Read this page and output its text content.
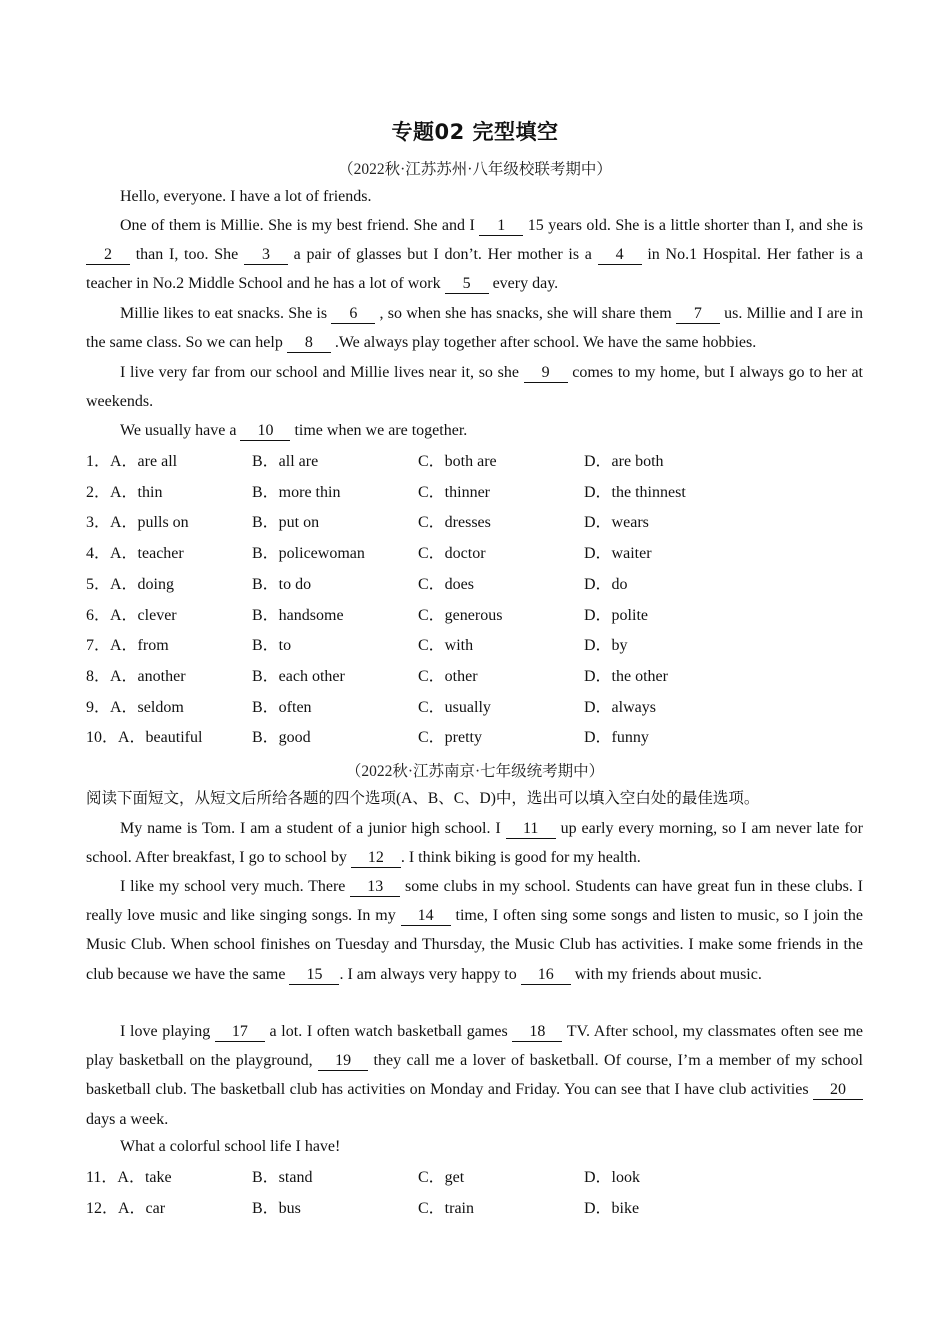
专题02 完型填空
（2022秋·江苏苏州·八年级校联考期中）

Hello, everyone. I have a lot of friends.

One of them is Millie. She is my best friend. She and I 1 15 years old. She is a little shorter than I, and she is 2 than I, too. She 3 a pair of glasses but I don’t. Her mother is a 4 in No.1 Hospital. Her father is a teacher in No.2 Middle School and he has a lot of work 5 every day.

Millie likes to eat snacks. She is 6 , so when she has snacks, she will share them 7 us. Millie and I are in the same class. So we can help 8 .We always play together after school. We have the same hobbies.

I live very far from our school and Millie lives near it, so she 9 comes to my home, but I always go to her at weekends.

We usually have a 10 time when we are together.

1．A．are all	B．all are	C．both are	D．are both
2．A．thin	B．more thin	C．thinner	D．the thinnest
3．A．pulls on	B．put on	C．dresses	D．wears
4．A．teacher	B．policewoman	C．doctor	D．waiter
5．A．doing	B．to do	C．does	D．do
6．A．clever	B．handsome	C．generous	D．polite
7．A．from	B．to	C．with	D．by
8．A．another	B．each other	C．other	D．the other
9．A．seldom	B．often	C．usually	D．always
10．A．beautiful	B．good	C．pretty	D．funny
（2022秋·江苏南京·七年级统考期中）

阅读下面短文，从短文后所给各题的四个选项(A、B、C、D)中，选出可以填入空白处的最佳选项。

My name is Tom. I am a student of a junior high school. I 11 up early every morning, so I am never late for school. After breakfast, I go to school by 12 . I think biking is good for my health.

I like my school very much. There 13 some clubs in my school. Students can have great fun in these clubs. I really love music and like singing songs. In my 14 time, I often sing some songs and listen to music, so I join the Music Club. When school finishes on Tuesday and Thursday, the Music Club has activities. I make some friends in the club because we have the same 15 . I am always very happy to 16 with my friends about music.

I love playing 17 a lot. I often watch basketball games 18 TV. After school, my classmates often see me play basketball on the playground, 19 they call me a lover of basketball. Of course, I’m a member of my school basketball club. The basketball club has activities on Monday and Friday. You can see that I have club activities 20 days a week.

What a colorful school life I have!

11．A．take	B．stand	C．get	D．look
12．A．car	B．bus	C．train	D．bike
